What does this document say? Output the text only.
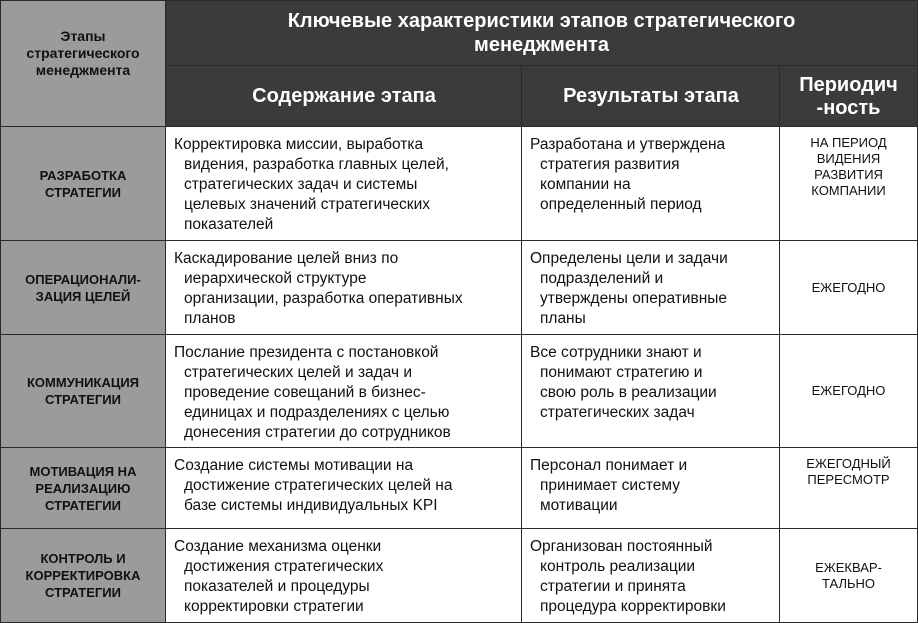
Этапы
стратегического
менеджмента
Ключевые характеристики этапов стратегического
менеджмента
Содержание этапа	Результаты этапа
Периодич
-ность
РАЗРАБОТКА
СТРАТЕГИИ
Корректировка миссии, выработка
видения, разработка главных целей,
стратегических задач и системы
целевых значений стратегических
показателей
Разработана и утверждена
стратегия развития
компании на
определенный период
НА ПЕРИОД
ВИДЕНИЯ
РАЗВИТИЯ
КОМПАНИИ
ОПЕРАЦИОНАЛИ-
ЗАЦИЯ ЦЕЛЕЙ
Каскадирование целей вниз по
иерархической структуре
организации, разработка оперативных
планов
Определены цели и задачи
подразделений и
утверждены оперативные
планы
ЕЖЕГОДНО
КОММУНИКАЦИЯ
СТРАТЕГИИ
Послание президента с постановкой
стратегических целей и задач и
проведение совещаний в бизнес-
единицах и подразделениях с целью
донесения стратегии до сотрудников
Все сотрудники знают и
понимают стратегию и
свою роль в реализации
стратегических задач
ЕЖЕГОДНО
МОТИВАЦИЯ НА
РЕАЛИЗАЦИЮ
СТРАТЕГИИ
Создание системы мотивации на
достижение стратегических целей на
базе системы индивидуальных KPI
Персонал понимает и
принимает систему
мотивации
ЕЖЕГОДНЫЙ
ПЕРЕСМОТР
КОНТРОЛЬ И
КОРРЕКТИРОВКА
СТРАТЕГИИ
Создание механизма оценки
достижения стратегических
показателей и процедуры
корректировки стратегии
Организован постоянный
контроль реализации
стратегии и принята
процедура корректировки
ЕЖЕКВАР-
ТАЛЬНО
